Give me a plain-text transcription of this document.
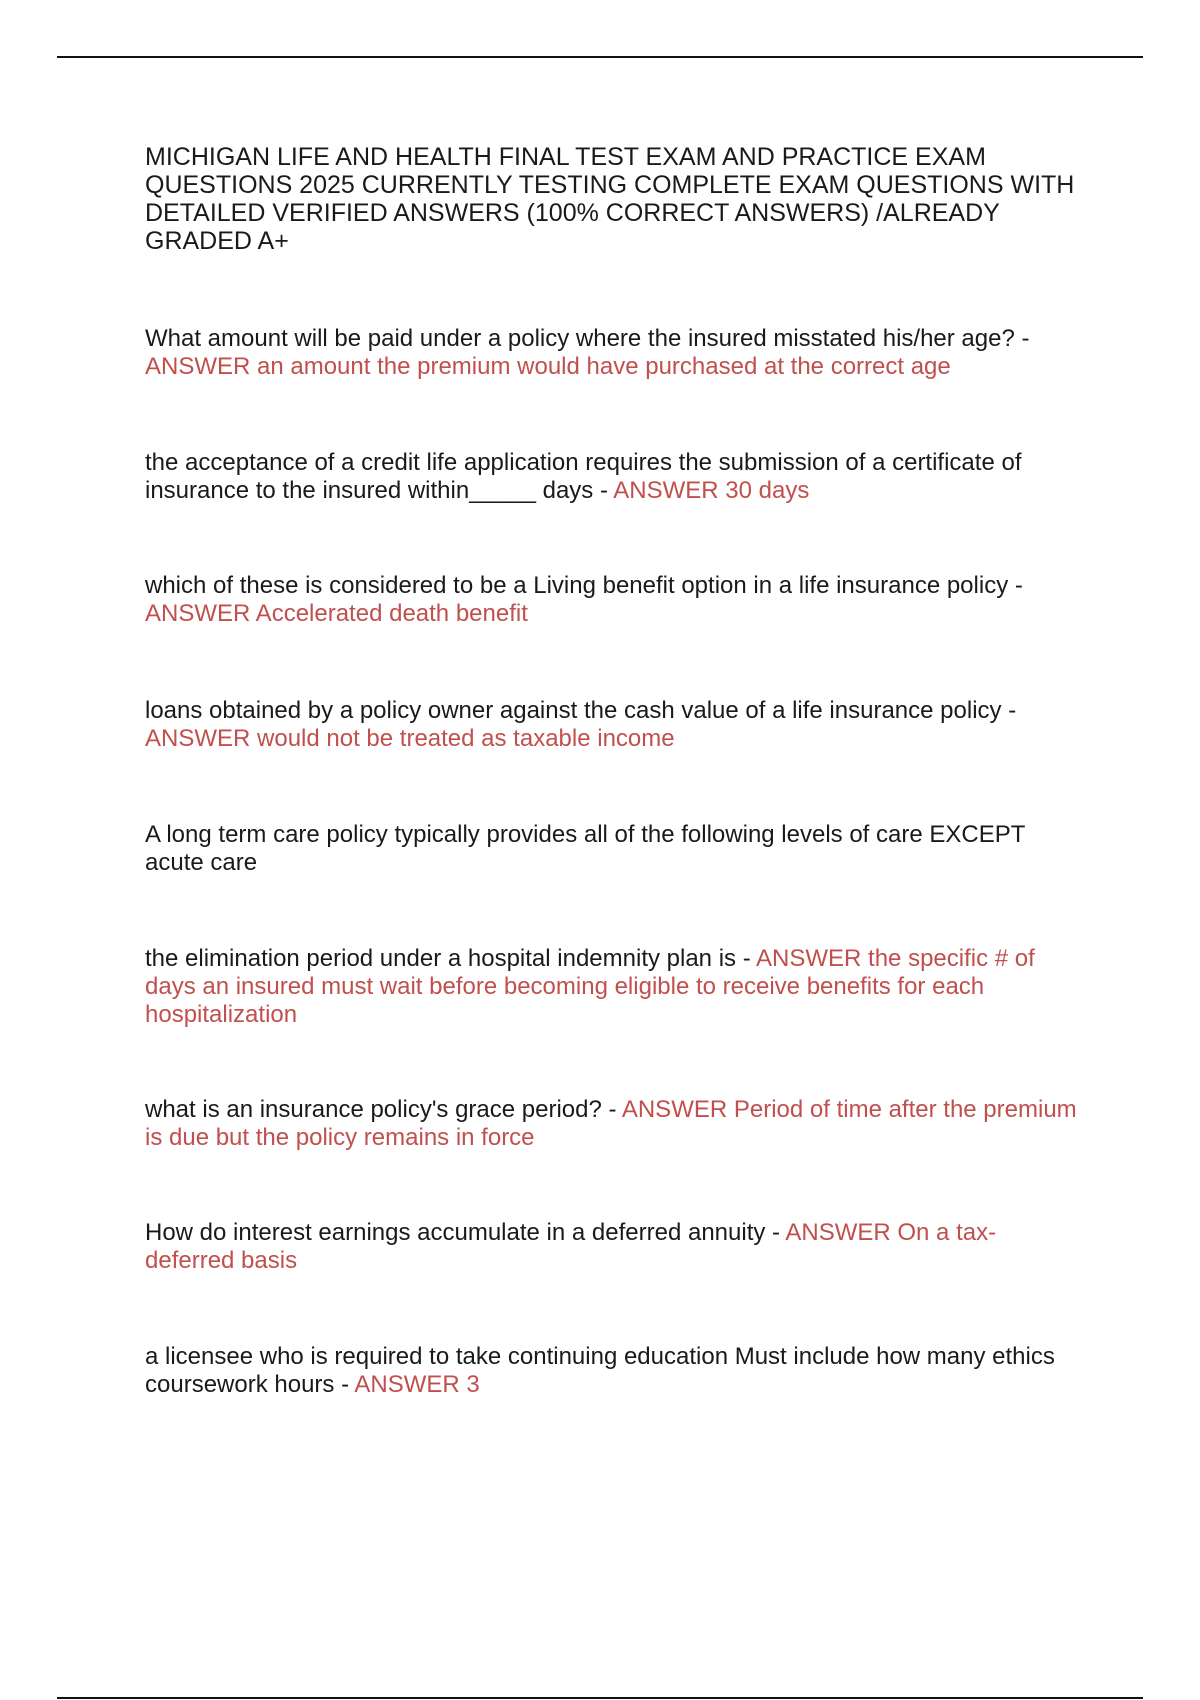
MICHIGAN LIFE AND HEALTH FINAL TEST EXAM AND PRACTICE EXAM QUESTIONS 2025 CURRENTLY TESTING COMPLETE EXAM QUESTIONS WITH DETAILED VERIFIED ANSWERS (100% CORRECT ANSWERS) /ALREADY GRADED A+

What amount will be paid under a policy where the insured misstated his/her age? - ANSWER an amount the premium would have purchased at the correct age

the acceptance of a credit life application requires the submission of a certificate of insurance to the insured within_____ days - ANSWER 30 days

which of these is considered to be a Living benefit option in a life insurance policy - ANSWER Accelerated death benefit

loans obtained by a policy owner against the cash value of a life insurance policy - ANSWER would not be treated as taxable income

A long term care policy typically provides all of the following levels of care EXCEPT acute care

the elimination period under a hospital indemnity plan is - ANSWER the specific # of days an insured must wait before becoming eligible to receive benefits for each hospitalization

what is an insurance policy's grace period? - ANSWER Period of time after the premium is due but the policy remains in force

How do interest earnings accumulate in a deferred annuity - ANSWER On a tax-deferred basis

a licensee who is required to take continuing education Must include how many ethics coursework hours - ANSWER 3
